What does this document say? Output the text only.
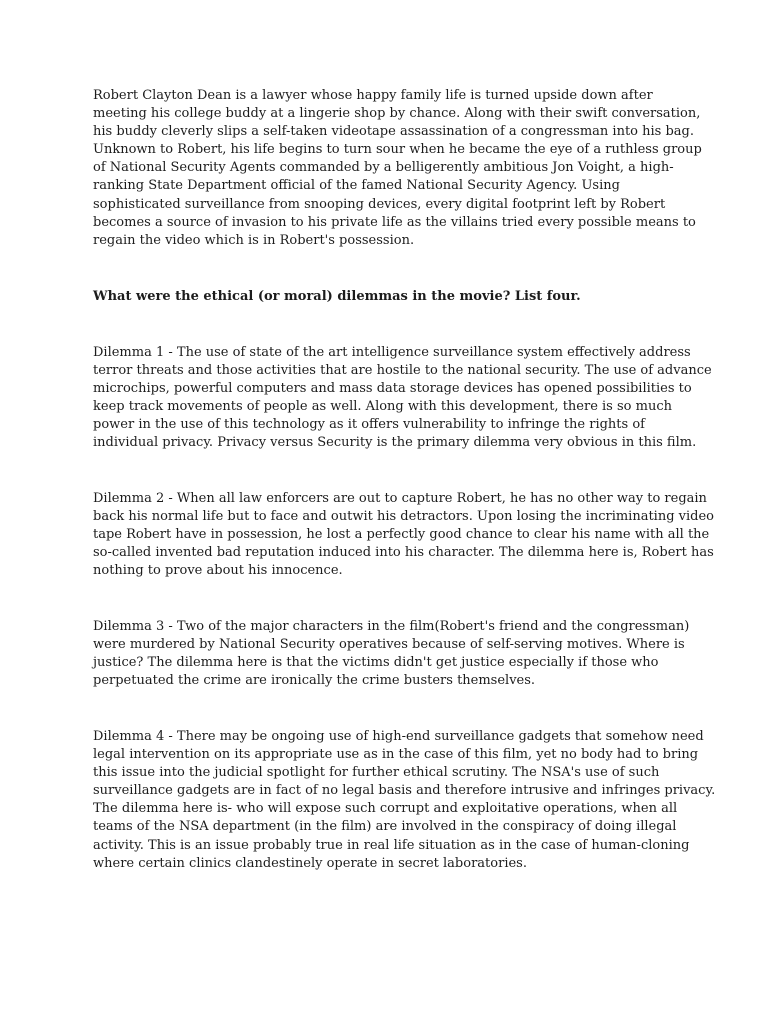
Robert Clayton Dean is a lawyer whose happy family life is turned upside down after
meeting his college buddy at a lingerie shop by chance. Along with their swift conversation,
his buddy cleverly slips a self-taken videotape assassination of a congressman into his bag.
Unknown to Robert, his life begins to turn sour when he became the eye of a ruthless group
of National Security Agents commanded by a belligerently ambitious Jon Voight, a high-
ranking State Department official of the famed National Security Agency. Using
sophisticated surveillance from snooping devices, every digital footprint left by Robert
becomes a source of invasion to his private life as the villains tried every possible means to
regain the video which is in Robert's possession.

What were the ethical (or moral) dilemmas in the movie? List four.

Dilemma 1 - The use of state of the art intelligence surveillance system effectively address
terror threats and those activities that are hostile to the national security. The use of advance
microchips, powerful computers and mass data storage devices has opened possibilities to
keep track movements of people as well. Along with this development, there is so much
power in the use of this technology as it offers vulnerability to infringe the rights of
individual privacy. Privacy versus Security is the primary dilemma very obvious in this film.

Dilemma 2 - When all law enforcers are out to capture Robert, he has no other way to regain
back his normal life but to face and outwit his detractors. Upon losing the incriminating video
tape Robert have in possession, he lost a perfectly good chance to clear his name with all the
so-called invented bad reputation induced into his character. The dilemma here is, Robert has
nothing to prove about his innocence.

Dilemma 3 - Two of the major characters in the film(Robert's friend and the congressman)
were murdered by National Security operatives because of self-serving motives. Where is
justice? The dilemma here is that the victims didn't get justice especially if those who
perpetuated the crime are ironically the crime busters themselves.

Dilemma 4 - There may be ongoing use of high-end surveillance gadgets that somehow need
legal intervention on its appropriate use as in the case of this film, yet no body had to bring
this issue into the judicial spotlight for further ethical scrutiny. The NSA's use of such
surveillance gadgets are in fact of no legal basis and therefore intrusive and infringes privacy.
The dilemma here is- who will expose such corrupt and exploitative operations, when all
teams of the NSA department (in the film) are involved in the conspiracy of doing illegal
activity. This is an issue probably true in real life situation as in the case of human-cloning
where certain clinics clandestinely operate in secret laboratories.
